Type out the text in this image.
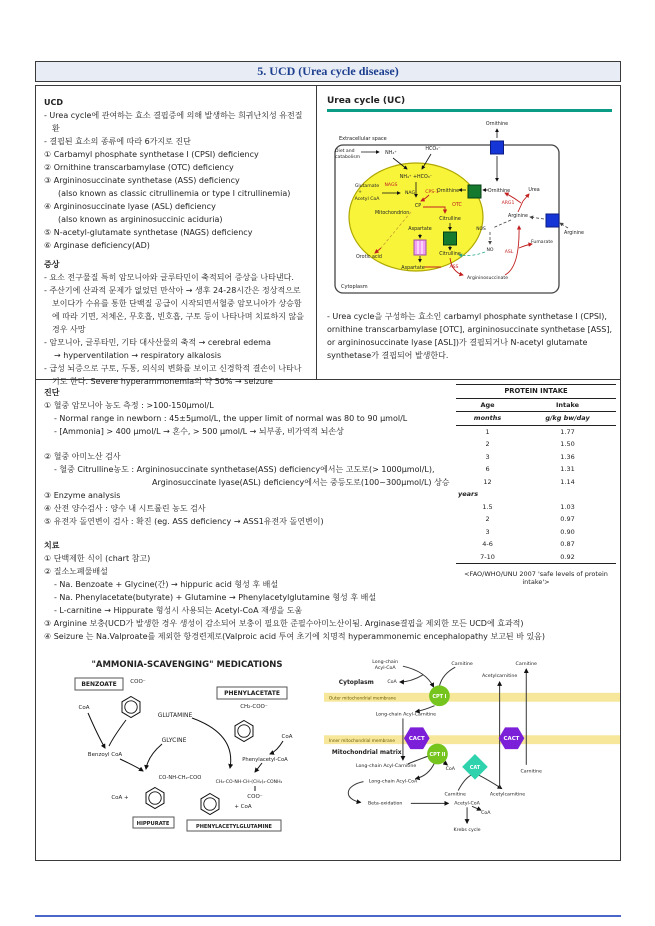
5. UCD (Urea cycle disease)
UCD
- Urea cycle에 관여하는 효소 결핍증에 의해 발생하는 희귀난치성 유전질환
- 결핍된 효소의 종류에 따라 6가지로 진단
① Carbamyl phosphate synthetase I (CPSI) deficiency
② Ornithine transcarbamylase (OTC) deficiency
③ Argininosuccinate synthetase (ASS) deficiency
(also known as classic citrullinemia or type I citrullinemia)
④ Argininosuccinate lyase (ASL) deficiency
(also known as argininosuccinic aciduria)
⑤ N-acetyl-glutamate synthetase (NAGS) deficiency
⑥ Arginase deficiency(AD)
증상
- 요소 전구물질 특히 암모니아와 글루타민이 축적되어 증상을 나타낸다.
- 주산기에 산과적 문제가 없었던 만삭아 → 생후 24-28시간은 정상적으로 보이다가 수유를 통한 단백질 공급이 시작되면서혈중 암모니아가 상승함에 따라 기면, 저체온, 무호흡, 빈호흡, 구토 등이 나타나며 치료하지 않을 경우 사망
- 암모니아, 글루타민, 기타 대사산물의 축적 → cerebral edema
→ hyperventilation → respiratory alkalosis
- 급성 뇌증으로 구토, 두통, 의식의 변화를 보이고 신경학적 결손이 나타나기도 한다. Severe hyperammonemia의 약 50% → seizure
Urea cycle (UC)
Extracellular space
Ornithine
Diet and
catabolism
NH₄⁺
HCO₃⁻
NH₄⁺ +HCO₃⁻
Glutamate
+
Acetyl CoA
NAGS
NAG CPS-1
CP	OTC
Citrulline
Ornithine	Ornithine
Mitochondrion
Aspartate
Aspartate
Orotic acid
Citrulline
ASS
Argininosuccinate
ASL
Fumarate
Arginine
Arginine
ARG1
Urea
NOS
NO
Cytoplasm
- Urea cycle을 구성하는 효소인 carbamyl phosphate synthetase I (CPSI), ornithine transcarbamylase [OTC], argininosuccinate synthetase [ASS], or argininosuccinate lyase [ASL])가 결핍되거나 N-acetyl glutamate synthetase가 결핍되어 발생한다.
진단
① 혈중 암모니아 농도 측정 : >100-150μmol/L
- Normal range in newborn : 45±5μmol/L, the upper limit of normal was 80 to 90 μmol/L
- [Ammonia] > 400 μmol/L → 혼수, > 500 μmol/L → 뇌부종, 비가역적 뇌손상
② 혈중 아미노산 검사
- 혈중 Citrulline농도 : Argininosuccinate synthetase(ASS) deficiency에서는 고도로(> 1000μmol/L),
Arginosuccinate lyase(ASL) deficiency에서는 중등도로(100~300μmol/L) 상승
③ Enzyme analysis
④ 산전 양수검사 : 양수 내 시트룰린 농도 검사
⑤ 유전자 돌연변이 검사 : 확진 (eg. ASS deficiency → ASS1유전자 돌연변이)
치료
① 단백제한 식이 (chart 참고)
② 질소노폐물배설
- Na. Benzoate + Glycine(간) → hippuric acid 형성 후 배설
- Na. Phenylacetate(butyrate) + Glutamine → Phenylacetylglutamine 형성 후 배설
- L-carnitine → Hippurate 형성시 사용되는 Acetyl-CoA 재생을 도움
③ Arginine 보충(UCD가 발생한 경우 생성이 감소되어 보충이 필요한 준필수아미노산이됨. Arginase결핍을 제외한 모든 UCD에 효과적)
④ Seizure 는 Na.Valproate를 제외한 항경련제로(Valproic acid 투여 초기에 치명적 hyperammonemic encephalopathy 보고된 바 있음)
PROTEIN INTAKE	
Age	Intake
months	g/kg bw/day
1	1.77
2	1.50
3	1.36
6	1.31
12	1.14
years	
1.5	1.03
2	0.97
3	0.90
4-6	0.87
7-10	0.92
<FAO/WHO/UNU 2007 'safe levels of protein intake'>
"AMMONIA-SCAVENGING" MEDICATIONS
BENZOATE
PHENYLACETATE
HIPPURATE	PHENYLACETYLGLUTAMINE
COO⁻
CoA
Benzoyl CoA
GLUTAMINE
GLYCINE
CO-NH-CH₂-COO
CoA +
CH₂-COO⁻
CoA
Phenylacetyl-CoA
CH₂-CO-NH-CH-(CH₂)₂-CONH₂
COO⁻
+ CoA
Cytoplasm
Outer mitochondrial membrane
Inner mitochondrial membrane
Mitochondrial matrix
Long-chain
Acyl-CoA
CoA
Carnitine
Acetylcarnitine
Carnitine
CPT I
CPT II
CACT	CACT
CAT
Long-chain Acyl-Carnitine
Long-chain Acyl-Carnitine
CoA
Long-chain Acyl-CoA
Carnitine	Acetylcarnitine
Carnitine
Beta-oxidation	Acetyl-CoA
CoA
Krebs cycle
